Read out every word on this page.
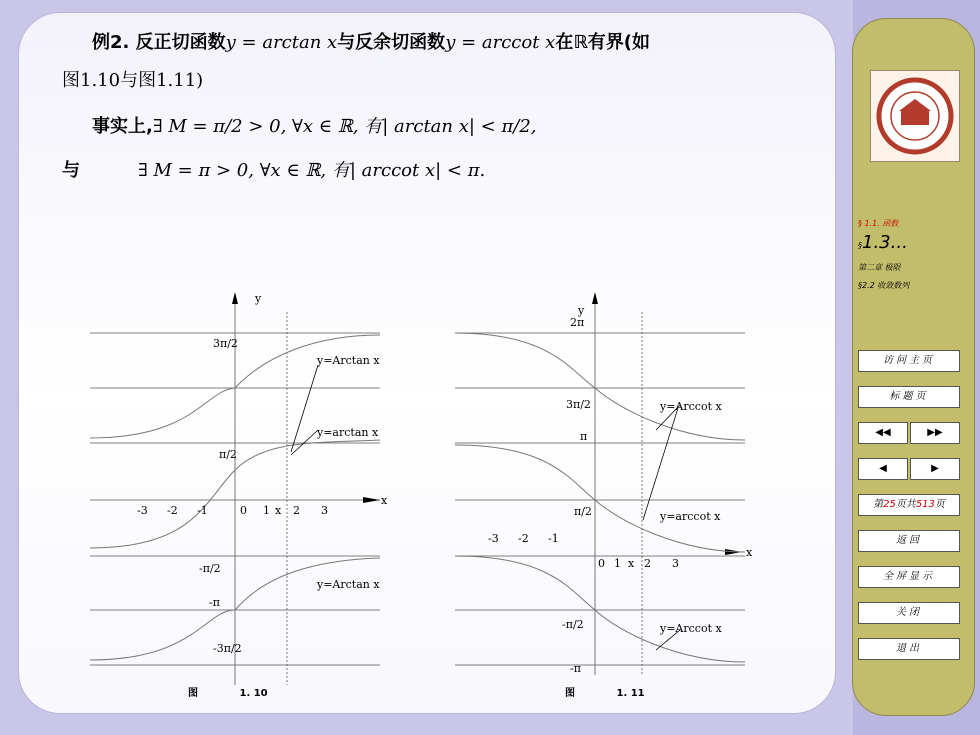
例2. 反正切函数y = arctan x与反余切函数y = arccot x在ℝ有界(如
图1.10与图1.11)
事实上,∃ M = π/2 > 0, ∀x ∈ ℝ, 有| arctan x| < π/2,
与	∃ M = π > 0, ∀x ∈ ℝ, 有| arccot x| < π.
y
x
3π/2
π/2
-π/2
-π
-3π/2
-3 -2 -1	0 1 x 2 3
y=Arctan x
y=arctan x
y=Arctan x
图	1. 10
y
x
2π
3π/2
π
π/2
-π/2
-π
-3 -2 -1
0 1 x 2 3
y=Arccot x
y=arccot x
y=Arccot x
图	1. 11
§ 1.1. 函数
§1.3...
第二章 极限
§2.2 收敛数列
访问主页
标题页
◀◀	▶▶
◀	▶
第25页共513页
返回
全屏显示
关闭
退出
